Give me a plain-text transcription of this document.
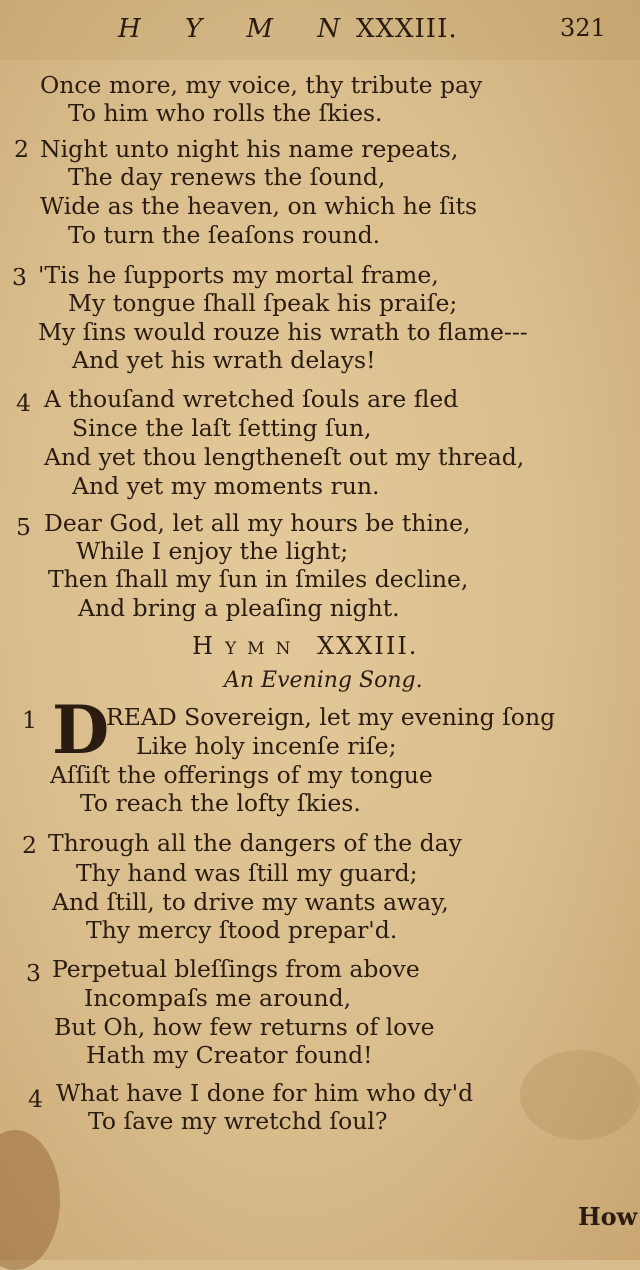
H Y M N
XXXIII.	321
Once more, my voice, thy tribute pay
To him who rolls the ſkies.
2 Night unto night his name repeats,
The day renews the ſound,
Wide as the heaven, on which he ſits
To turn the ſeaſons round.
3 'Tis he ſupports my mortal frame,
My tongue ſhall ſpeak his praiſe;
My ſins would rouze his wrath to flame---
And yet his wrath delays!
4 A thouſand wretched ſouls are fled
Since the laſt ſetting ſun,
And yet thou lengtheneſt out my thread,
And yet my moments run.
5 Dear God, let all my hours be thine,
While I enjoy the light;
Then ſhall my ſun in ſmiles decline,
And bring a pleaſing night.
H YMN XXXIII.
An Evening Song.
1 D
READ Sovereign, let my evening ſong
Like holy incenſe riſe;
Aſſiſt the offerings of my tongue
To reach the lofty ſkies.
2 Through all the dangers of the day
Thy hand was ſtill my guard;
And ſtill, to drive my wants away,
Thy mercy ſtood prepar'd.
3 Perpetual bleſſings from above
Incompaſs me around,
But Oh, how few returns of love
Hath my Creator found!
4 What have I done for him who dy'd
To ſave my wretchd ſoul?
How
